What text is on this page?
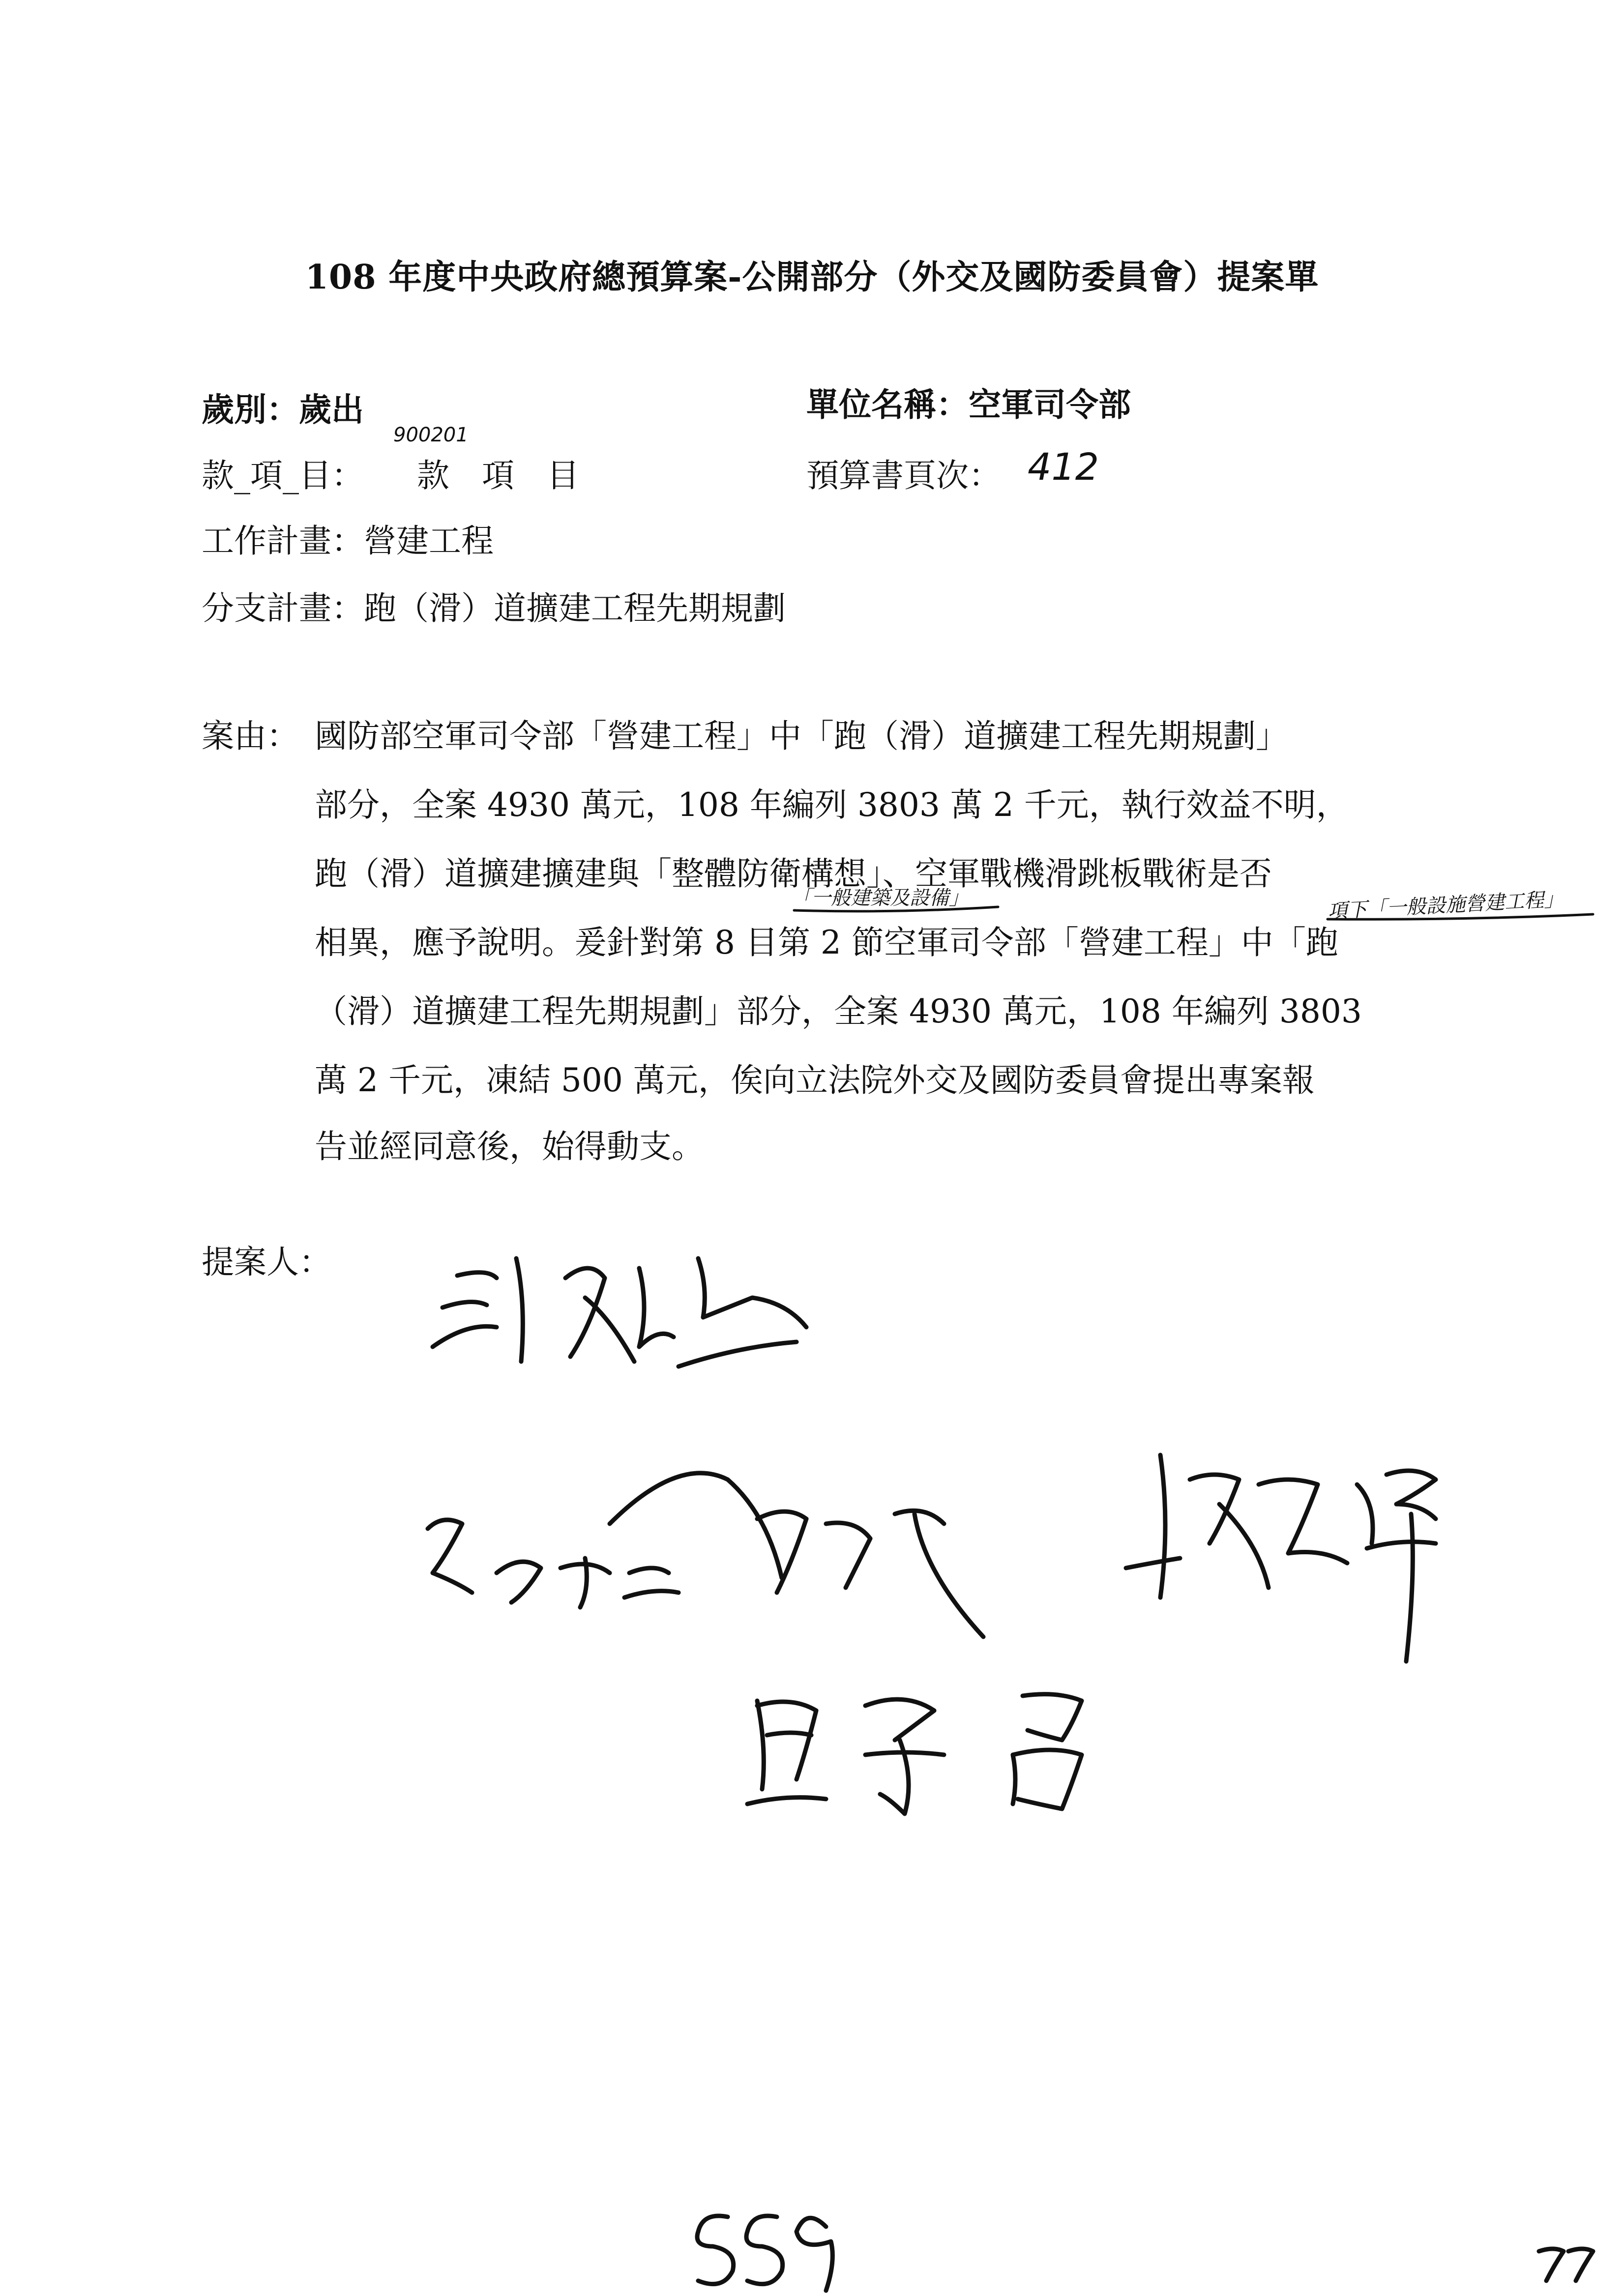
108 年度中央政府總預算案-公開部分（外交及國防委員會）提案單
歲別：歲出	單位名稱：空軍司令部
900201
款_項_目： 款　項　目	預算書頁次： 412
工作計畫：營建工程
分支計畫：跑（滑）道擴建工程先期規劃
案由： 國防部空軍司令部「營建工程」中「跑（滑）道擴建工程先期規劃」
部分，全案 4930 萬元，108 年編列 3803 萬 2 千元，執行效益不明，
跑（滑）道擴建擴建與「整體防衛構想」、空軍戰機滑跳板戰術是否
相異，應予說明。爰針對第 8 目第 2 節空軍司令部「營建工程」中「跑
（滑）道擴建工程先期規劃」部分，全案 4930 萬元，108 年編列 3803
萬 2 千元，凍結 500 萬元，俟向立法院外交及國防委員會提出專案報
告並經同意後，始得動支。
「一般建築及設備」	項下「一般設施營建工程」
提案人：
